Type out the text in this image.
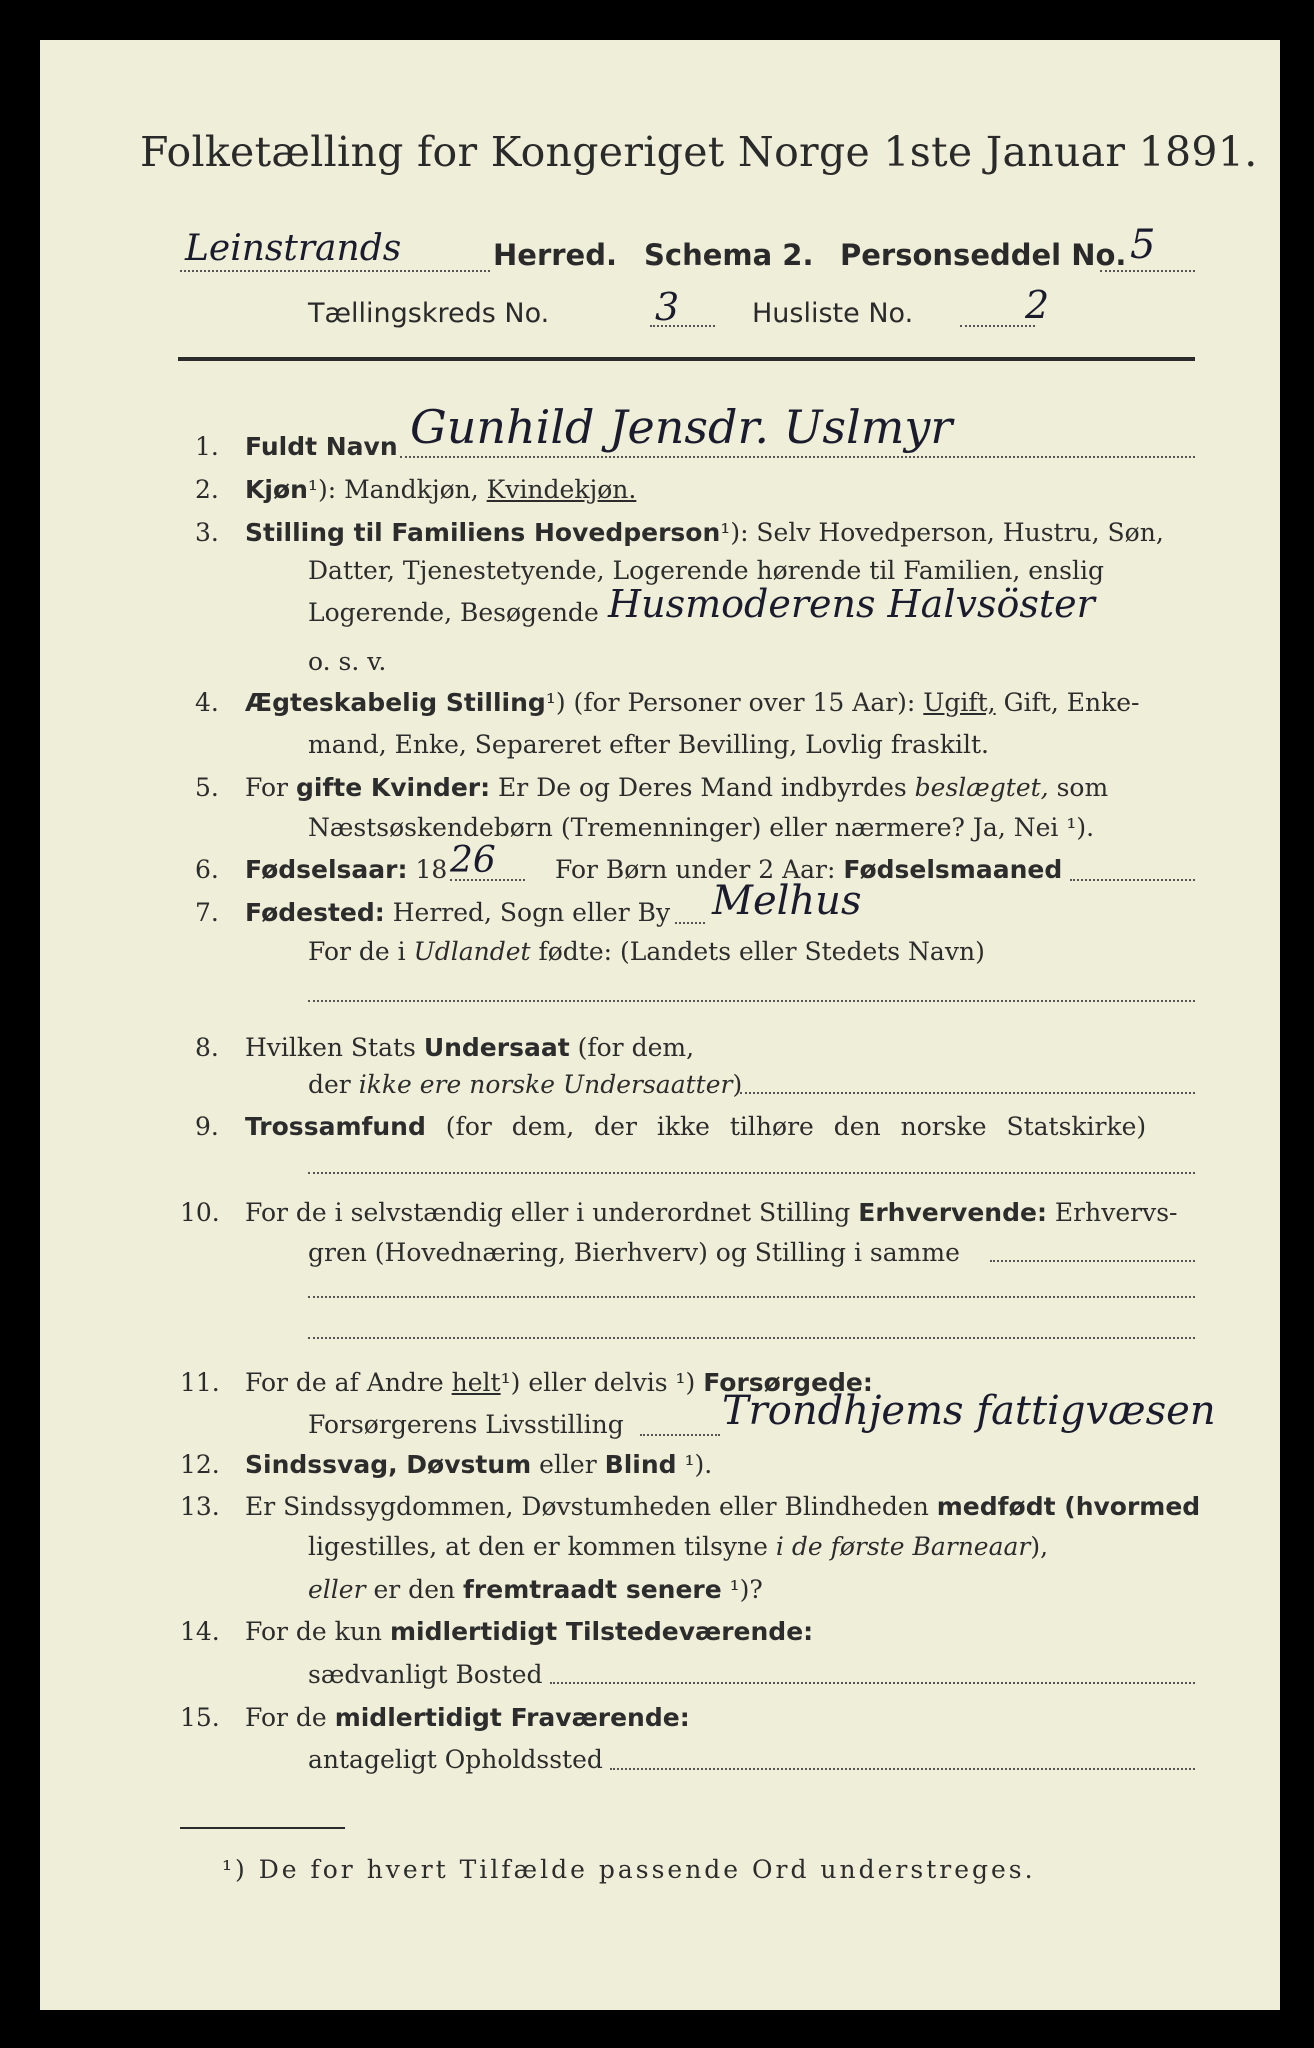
Folketælling for Kongeriget Norge 1ste Januar 1891.
Leinstrands	Herred. Schema 2. Personseddel No. 5
Tællingskreds No.	3	Husliste No.	2
1. Fuldt Navn Gunhild Jensdr. Uslmyr
2. Kjøn¹): Mandkjøn, Kvindekjøn.
3. Stilling til Familiens Hovedperson¹): Selv Hovedperson, Hustru, Søn,
Datter, Tjenestetyende, Logerende hørende til Familien, enslig
Logerende, Besøgende Husmoderens Halvsöster
o. s. v.
4. Ægteskabelig Stilling¹) (for Personer over 15 Aar): Ugift, Gift, Enke-
mand, Enke, Separeret efter Bevilling, Lovlig fraskilt.
5. For gifte Kvinder: Er De og Deres Mand indbyrdes beslægtet, som
Næstsøskendebørn (Tremenninger) eller nærmere? Ja, Nei ¹).
6. Fødselsaar: 18 26 For Børn under 2 Aar: Fødselsmaaned
7. Fødested: Herred, Sogn eller By Melhus
For de i Udlandet fødte: (Landets eller Stedets Navn)
8. Hvilken Stats Undersaat (for dem,
der ikke ere norske Undersaatter)
9. Trossamfund (for dem, der ikke tilhøre den norske Statskirke)
10. For de i selvstændig eller i underordnet Stilling Erhvervende: Erhvervs-
gren (Hovednæring, Bierhverv) og Stilling i samme
11. For de af Andre helt¹) eller delvis ¹) Forsørgede:
Forsørgerens Livsstilling Trondhjems fattigvæsen
12. Sindssvag, Døvstum eller Blind ¹).
13. Er Sindssygdommen, Døvstumheden eller Blindheden medfødt (hvormed
ligestilles, at den er kommen tilsyne i de første Barneaar),
eller er den fremtraadt senere ¹)?
14. For de kun midlertidigt Tilstedeværende:
sædvanligt Bosted
15. For de midlertidigt Fraværende:
antageligt Opholdssted
¹) De for hvert Tilfælde passende Ord understreges.
